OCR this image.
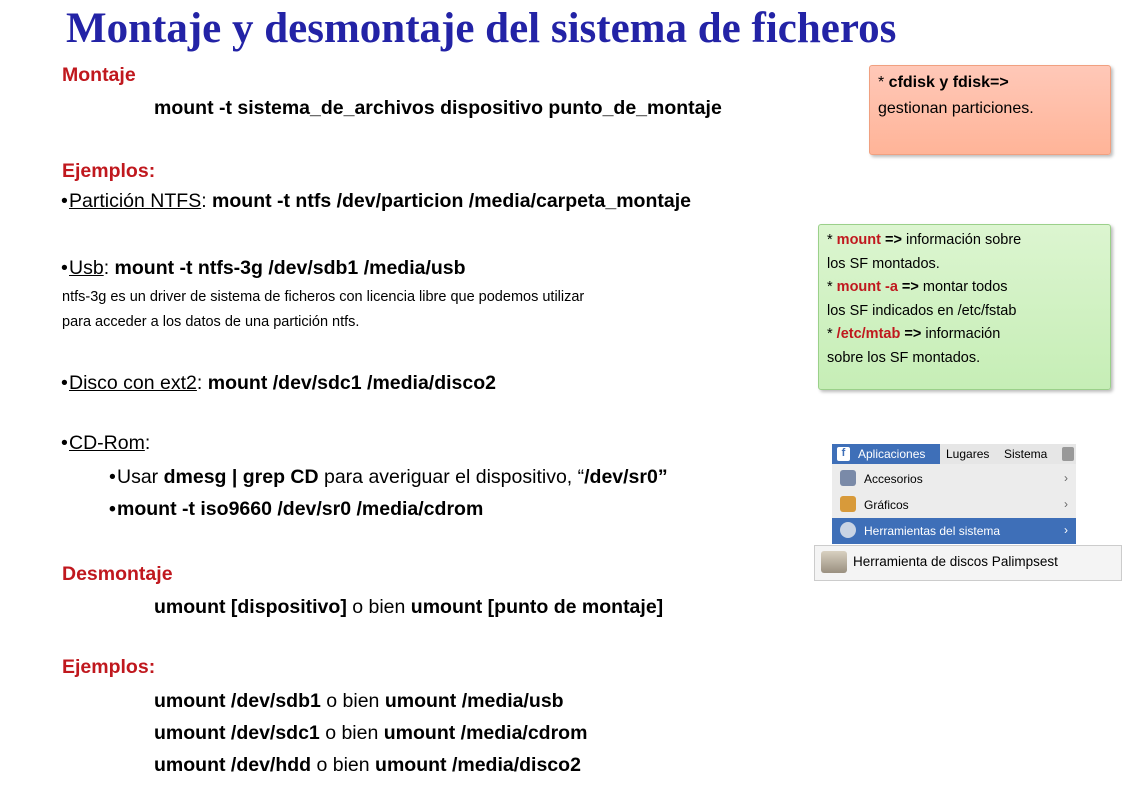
Montaje y desmontaje del sistema de ficheros
Montaje
mount -t sistema_de_archivos dispositivo punto_de_montaje
Ejemplos:
• Partición NTFS: mount -t ntfs /dev/particion /media/carpeta_montaje
• Usb: mount -t ntfs-3g /dev/sdb1 /media/usb
ntfs-3g es un driver de sistema de ficheros con licencia libre que podemos utilizar
para acceder a los datos de una partición ntfs.
• Disco con ext2: mount /dev/sdc1 /media/disco2
• CD-Rom:
• Usar dmesg | grep CD para averiguar el dispositivo, “/dev/sr0”
• mount -t iso9660 /dev/sr0 /media/cdrom
Desmontaje
umount [dispositivo] o bien umount [punto de montaje]
Ejemplos:
umount /dev/sdb1 o bien umount /media/usb
umount /dev/sdc1 o bien umount /media/cdrom
umount /dev/hdd o bien umount /media/disco2
* cfdisk y fdisk=>
gestionan particiones.
* mount => información sobre
los SF montados.
* mount -a => montar todos
los SF indicados en /etc/fstab
* /etc/mtab => información
sobre los SF montados.
f	Aplicaciones Lugares Sistema
Accesorios	›
Gráficos	›
Herramientas del sistema	›
Herramienta de discos Palimpsest
